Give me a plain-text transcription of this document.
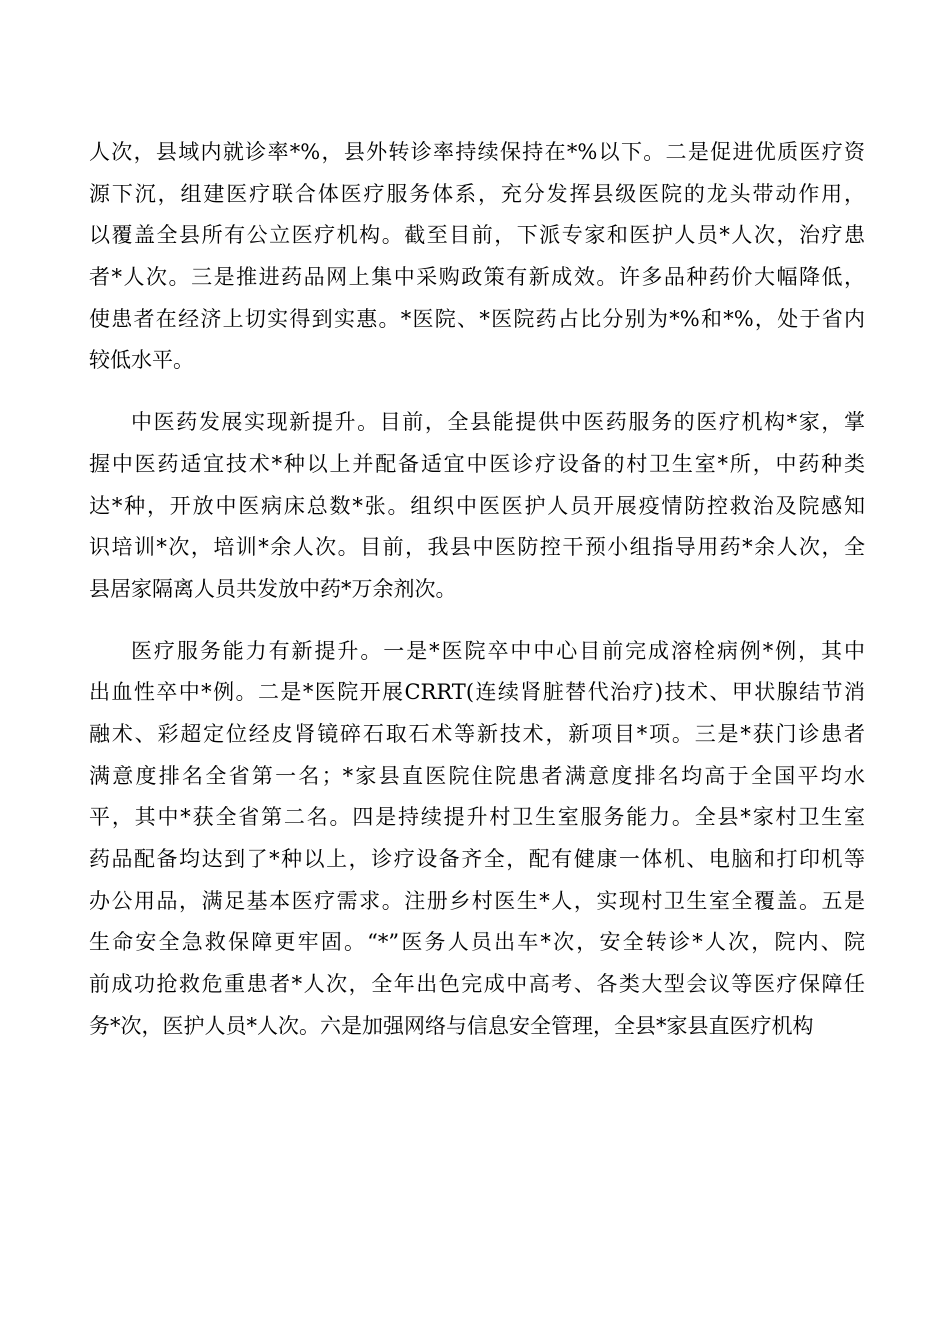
人次，县域内就诊率*%，县外转诊率持续保持在*%以下。二是促进优质医疗资
源下沉，组建医疗联合体医疗服务体系，充分发挥县级医院的龙头带动作用，
以覆盖全县所有公立医疗机构。截至目前，下派专家和医护人员*人次，治疗患
者*人次。三是推进药品网上集中采购政策有新成效。许多品种药价大幅降低，
使患者在经济上切实得到实惠。*医院、*医院药占比分别为*%和*%，处于省内
较低水平。
中医药发展实现新提升。目前，全县能提供中医药服务的医疗机构*家，掌
握中医药适宜技术*种以上并配备适宜中医诊疗设备的村卫生室*所，中药种类
达*种，开放中医病床总数*张。组织中医医护人员开展疫情防控救治及院感知
识培训*次，培训*余人次。目前，我县中医防控干预小组指导用药*余人次，全
县居家隔离人员共发放中药*万余剂次。
医疗服务能力有新提升。一是*医院卒中中心目前完成溶栓病例*例，其中
出血性卒中*例。二是*医院开展CRRT(连续肾脏替代治疗)技术、甲状腺结节消
融术、彩超定位经皮肾镜碎石取石术等新技术，新项目*项。三是*获门诊患者
满意度排名全省第一名；*家县直医院住院患者满意度排名均高于全国平均水
平，其中*获全省第二名。四是持续提升村卫生室服务能力。全县*家村卫生室
药品配备均达到了*种以上，诊疗设备齐全，配有健康一体机、电脑和打印机等
办公用品，满足基本医疗需求。注册乡村医生*人，实现村卫生室全覆盖。五是
生命安全急救保障更牢固。“*”医务人员出车*次，安全转诊*人次，院内、院
前成功抢救危重患者*人次，全年出色完成中高考、各类大型会议等医疗保障任
务*次，医护人员*人次。六是加强网络与信息安全管理，全县*家县直医疗机构
